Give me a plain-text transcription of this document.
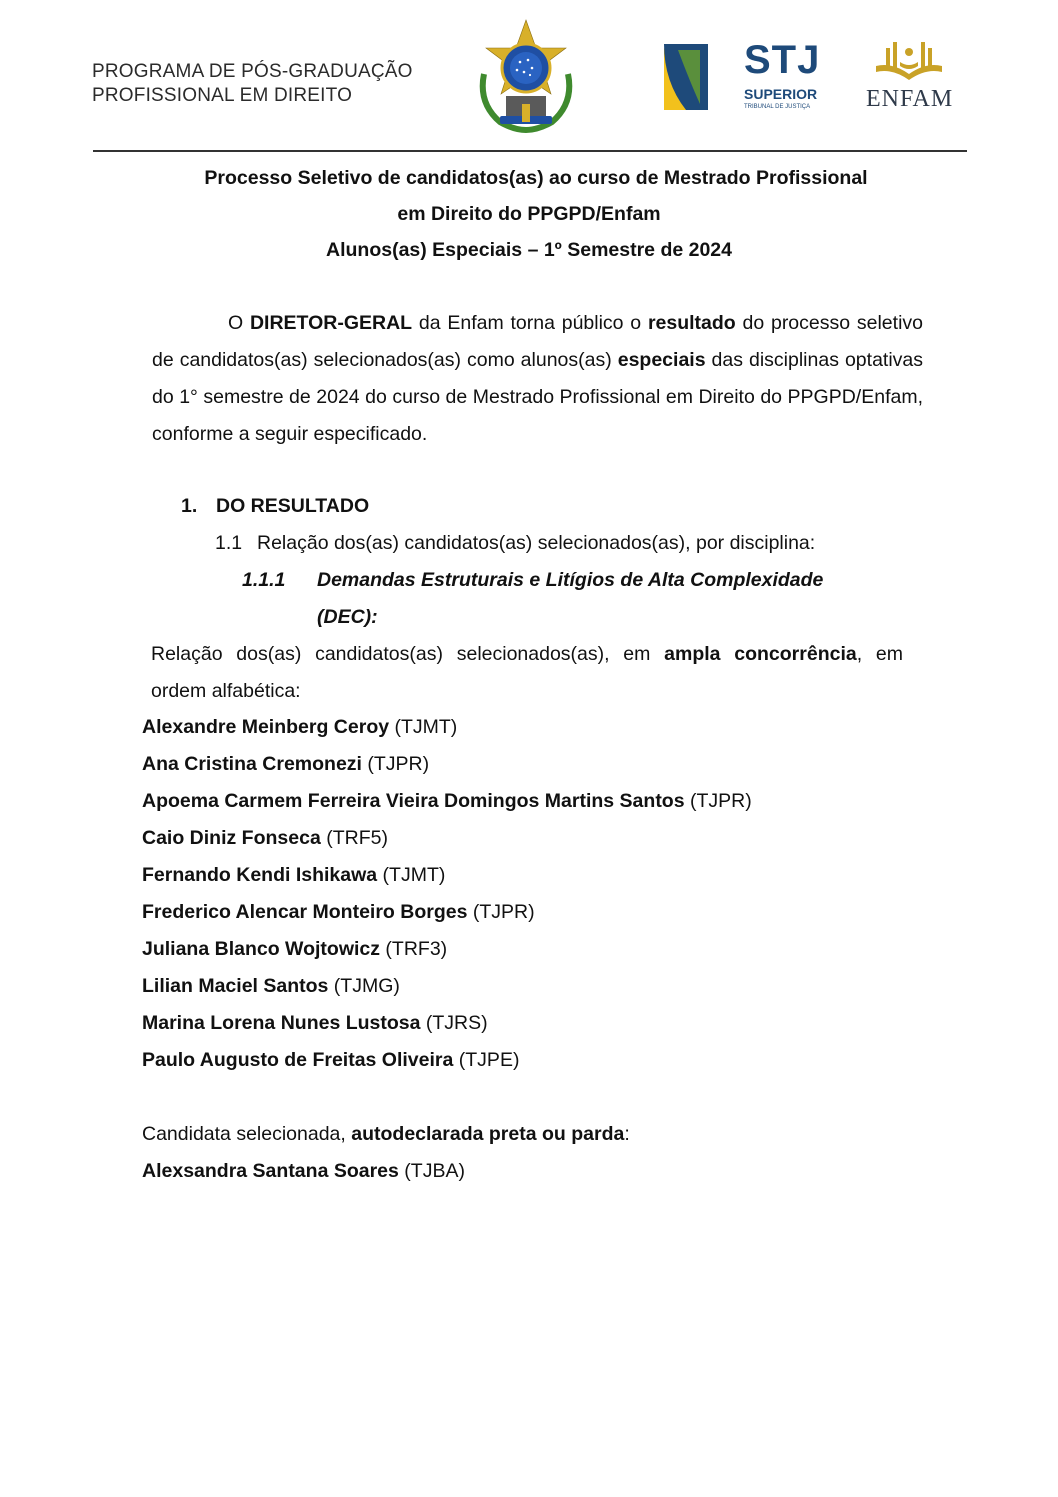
PROGRAMA DE PÓS-GRADUAÇÃO
PROFISSIONAL EM DIREITO
STJ
SUPERIOR
TRIBUNAL DE JUSTIÇA ENFAM
Processo Seletivo de candidatos(as) ao curso de Mestrado Profissional
em Direito do PPGPD/Enfam
Alunos(as) Especiais – 1º Semestre de 2024
O DIRETOR-GERAL da Enfam torna público o resultado do processo seletivo de candidatos(as) selecionados(as) como alunos(as) especiais das disciplinas optativas do 1° semestre de 2024 do curso de Mestrado Profissional em Direito do PPGPD/Enfam, conforme a seguir especificado.
1. DO RESULTADO
1.1 Relação dos(as) candidatos(as) selecionados(as), por disciplina:
1.1.1 Demandas Estruturais e Litígios de Alta Complexidade
(DEC):
Relação dos(as) candidatos(as) selecionados(as), em ampla concorrência, em ordem alfabética:
Alexandre Meinberg Ceroy (TJMT)
Ana Cristina Cremonezi (TJPR)
Apoema Carmem Ferreira Vieira Domingos Martins Santos (TJPR)
Caio Diniz Fonseca (TRF5)
Fernando Kendi Ishikawa (TJMT)
Frederico Alencar Monteiro Borges (TJPR)
Juliana Blanco Wojtowicz (TRF3)
Lilian Maciel Santos (TJMG)
Marina Lorena Nunes Lustosa (TJRS)
Paulo Augusto de Freitas Oliveira (TJPE)
Candidata selecionada, autodeclarada preta ou parda:
Alexsandra Santana Soares (TJBA)
